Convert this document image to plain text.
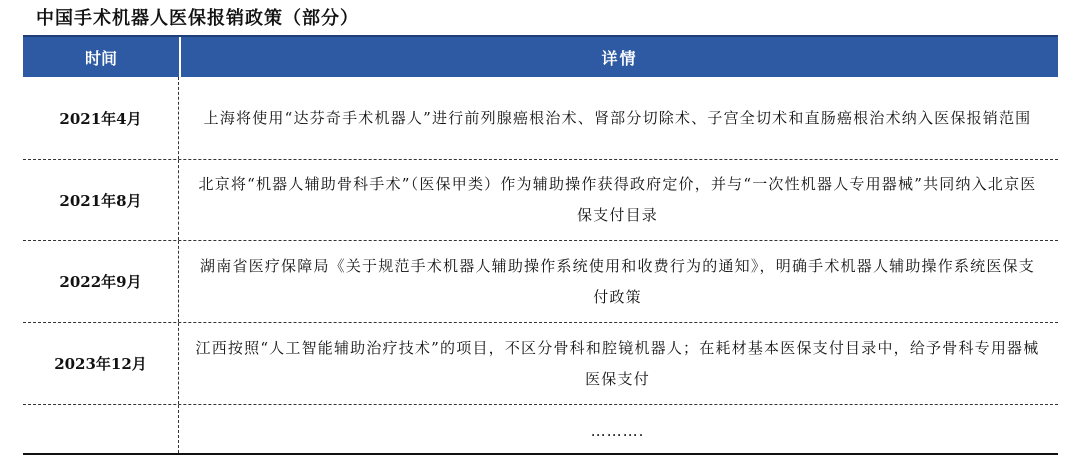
中国手术机器人医保报销政策（部分）
时间	详情
2021年4月	上海将使用“达芬奇手术机器人”进行前列腺癌根治术、肾部分切除术、子宫全切术和直肠癌根治术纳入医保报销范围
2021年8月
北京将“机器人辅助骨科手术”（医保甲类）作为辅助操作获得政府定价，并与“一次性机器人专用器械”共同纳入北京医保支付目录
2022年9月
湖南省医疗保障局《关于规范手术机器人辅助操作系统使用和收费行为的通知》，明确手术机器人辅助操作系统医保支付政策
2023年12月
江西按照“人工智能辅助治疗技术”的项目，不区分骨科和腔镜机器人；在耗材基本医保支付目录中，给予骨科专用器械医保支付
……….
